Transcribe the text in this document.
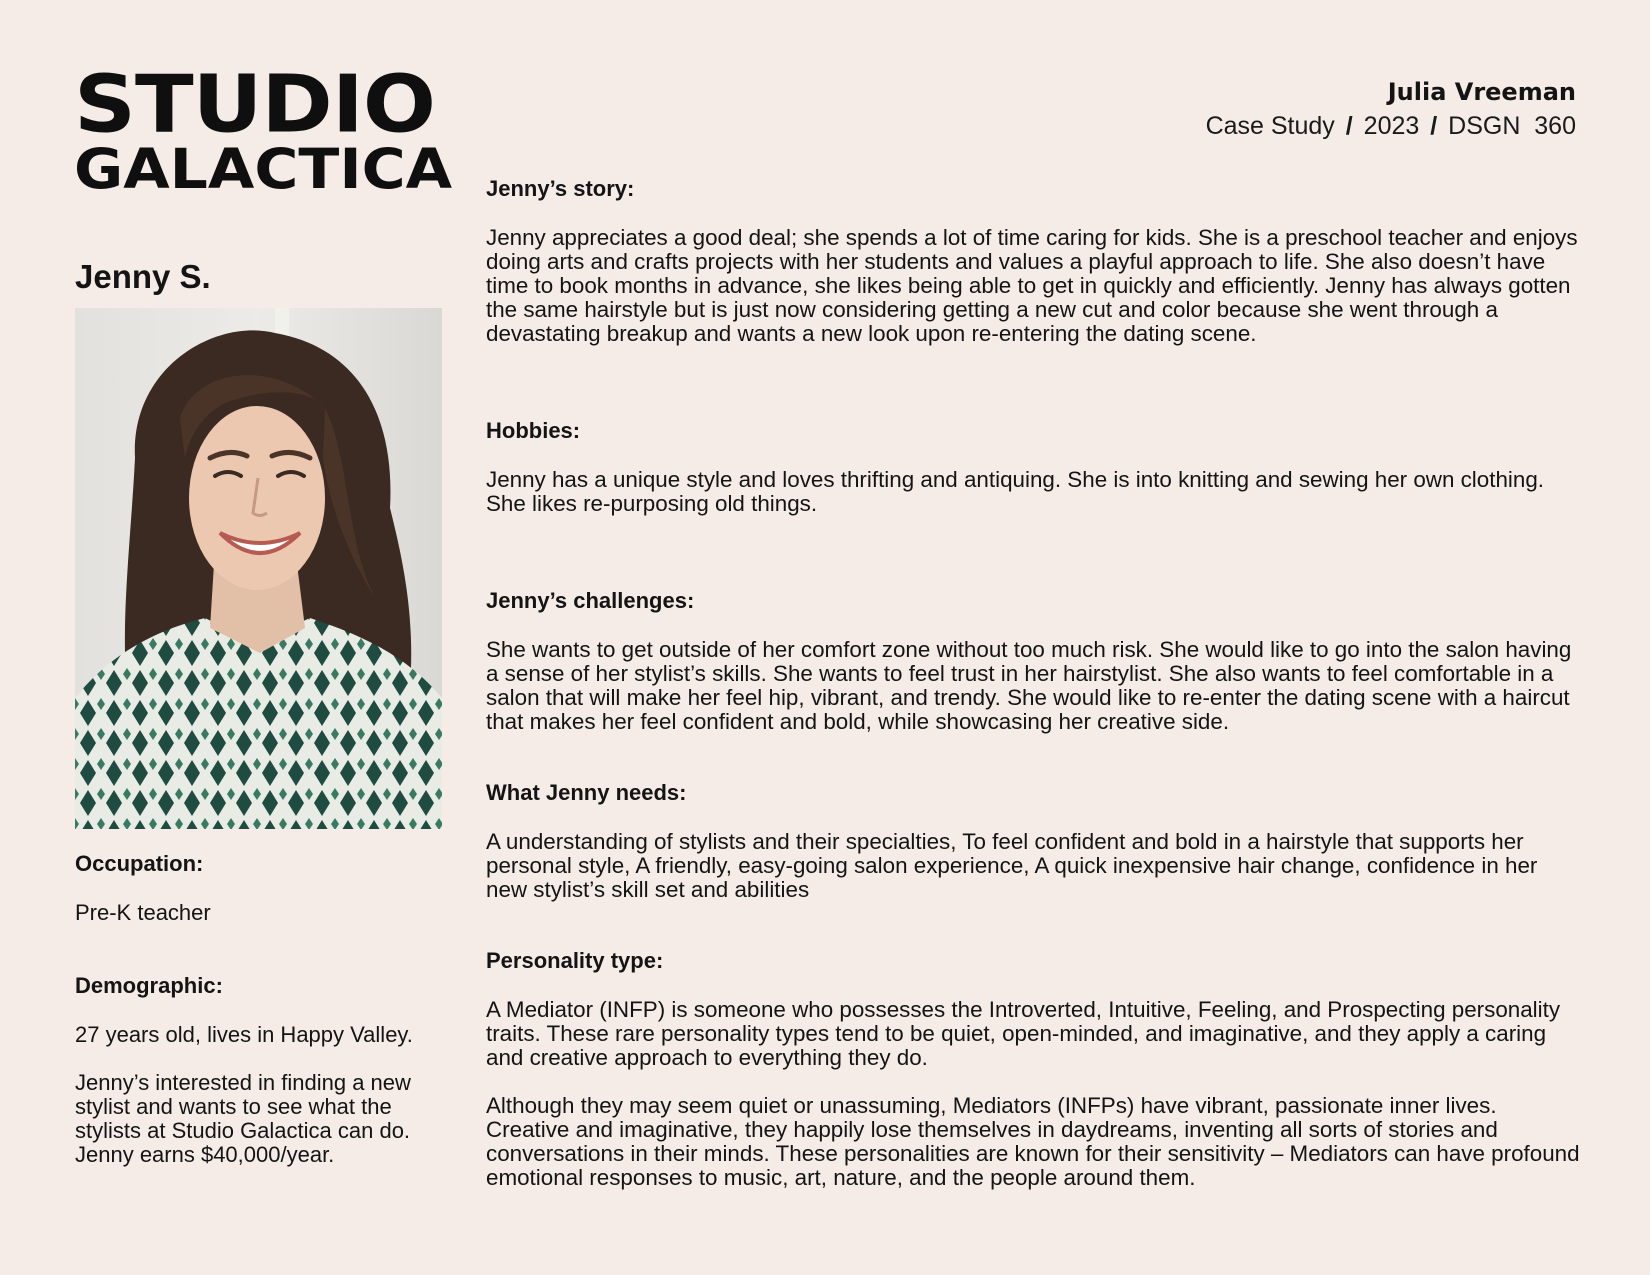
STUDIO
GALACTICA
Julia Vreeman
Case Study / 2023 / DSGN  360
Jenny S.

Occupation:

Pre-K teacher

Demographic:

27 years old, lives in Happy Valley.

Jenny’s interested in finding a new stylist and wants to see what the stylists at Studio Galactica can do. Jenny earns $40,000/year.

Jenny’s story:

Jenny appreciates a good deal; she spends a lot of time caring for kids. She is a preschool teacher and enjoys doing arts and crafts projects with her students and values a playful approach to life. She also doesn’t have time to book months in advance, she likes being able to get in quickly and efficiently. Jenny has always gotten the same hairstyle but is just now considering getting a new cut and color because she went through a devastating breakup and wants a new look upon re-entering the dating scene.

Hobbies:

Jenny has a unique style and loves thrifting and antiquing. She is into knitting and sewing her own clothing. She likes re-purposing old things.

Jenny’s challenges:

She wants to get outside of her comfort zone without too much risk. She would like to go into the salon having a sense of her stylist’s skills. She wants to feel trust in her hairstylist. She also wants to feel comfortable in a salon that will make her feel hip, vibrant, and trendy. She would like to re-enter the dating scene with a haircut that makes her feel confident and bold, while showcasing her creative side.

What Jenny needs:

A understanding of stylists and their specialties, To feel confident and bold in a hairstyle that supports her personal style, A friendly, easy-going salon experience, A quick inexpensive hair change, confidence in her new stylist’s skill set and abilities

Personality type:

A Mediator (INFP) is someone who possesses the Introverted, Intuitive, Feeling, and Prospecting personality traits. These rare personality types tend to be quiet, open-minded, and imaginative, and they apply a caring and creative approach to everything they do.

Although they may seem quiet or unassuming, Mediators (INFPs) have vibrant, passionate inner lives. Creative and imaginative, they happily lose themselves in daydreams, inventing all sorts of stories and conversations in their minds. These personalities are known for their sensitivity – Mediators can have profound emotional responses to music, art, nature, and the people around them.
